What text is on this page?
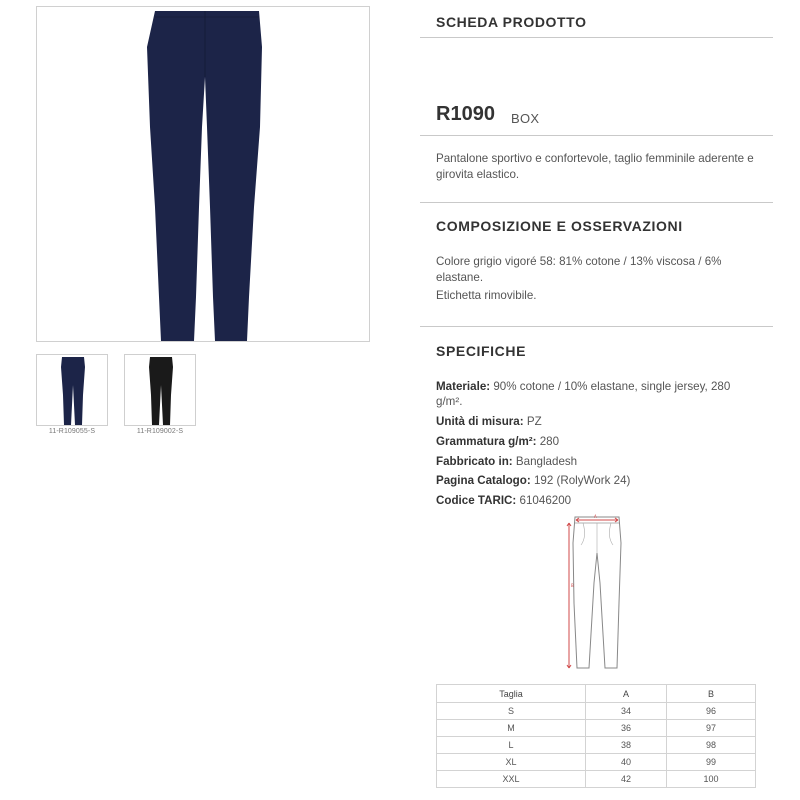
11-R109055-S	11-R109002-S
SCHEDA PRODOTTO
R1090 BOX
Pantalone sportivo e confortevole, taglio femminile aderente e girovita elastico.
COMPOSIZIONE E OSSERVAZIONI
Colore grigio vigoré 58: 81% cotone / 13% viscosa / 6% elastane.
Etichetta rimovibile.
SPECIFICHE
Materiale: 90% cotone / 10% elastane, single jersey, 280 g/m².
Unità di misura: PZ
Grammatura g/m²: 280
Fabbricato in: Bangladesh
Pagina Catalogo: 192 (RolyWork 24)
Codice TARIC: 61046200
A
B
Taglia	A	B
S	34	96
M	36	97
L	38	98
XL	40	99
XXL	42	100
